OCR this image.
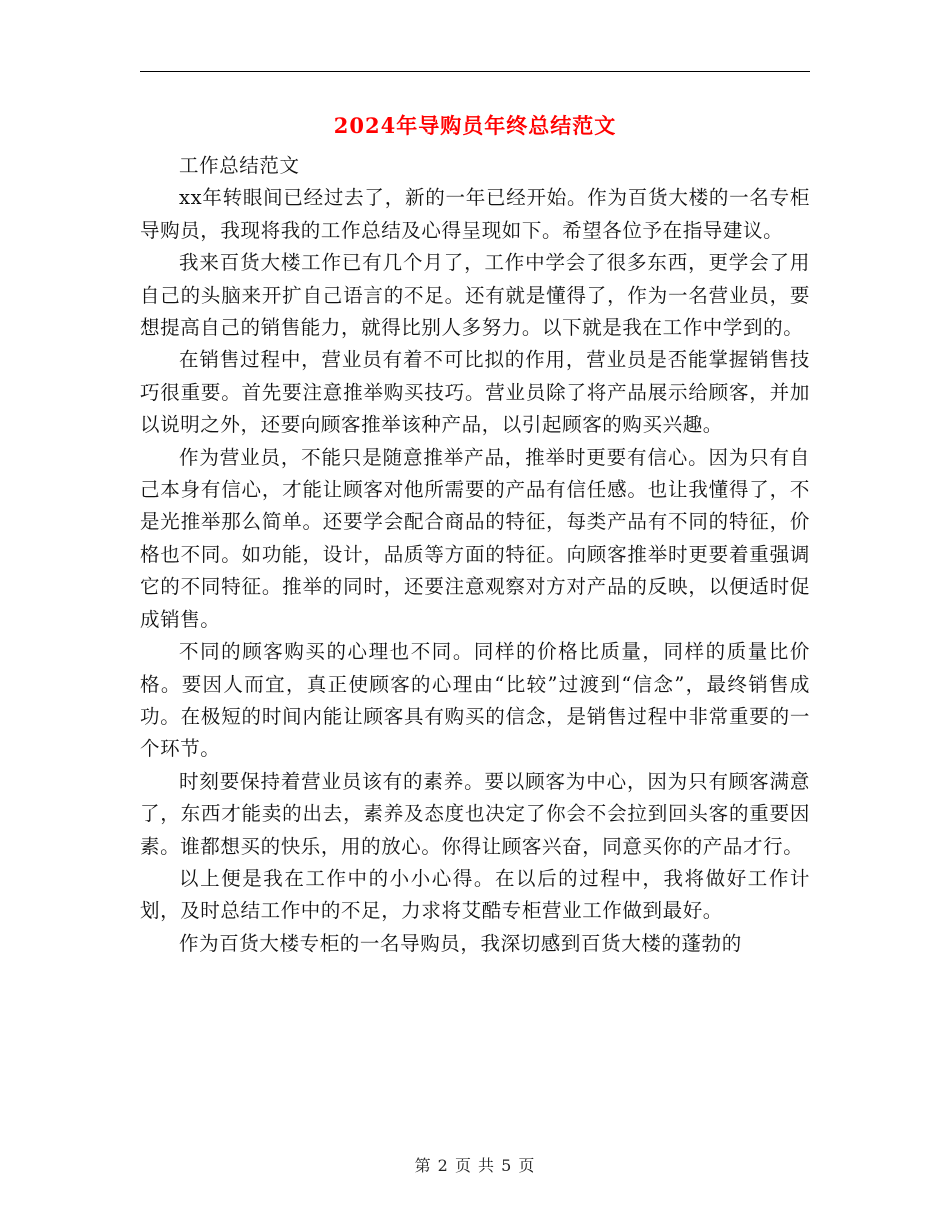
2024年导购员年终总结范文

工作总结范文

xx年转眼间已经过去了，新的一年已经开始。作为百货大楼的一名专柜导购员，我现将我的工作总结及心得呈现如下。希望各位予在指导建议。

我来百货大楼工作已有几个月了，工作中学会了很多东西，更学会了用自己的头脑来开扩自己语言的不足。还有就是懂得了，作为一名营业员，要想提高自己的销售能力，就得比别人多努力。以下就是我在工作中学到的。

在销售过程中，营业员有着不可比拟的作用，营业员是否能掌握销售技巧很重要。首先要注意推举购买技巧。营业员除了将产品展示给顾客，并加以说明之外，还要向顾客推举该种产品，以引起顾客的购买兴趣。

作为营业员，不能只是随意推举产品，推举时更要有信心。因为只有自己本身有信心，才能让顾客对他所需要的产品有信任感。也让我懂得了，不是光推举那么简单。还要学会配合商品的特征，每类产品有不同的特征，价格也不同。如功能，设计，品质等方面的特征。向顾客推举时更要着重强调它的不同特征。推举的同时，还要注意观察对方对产品的反映，以便适时促成销售。

不同的顾客购买的心理也不同。同样的价格比质量，同样的质量比价格。要因人而宜，真正使顾客的心理由“比较”过渡到“信念”，最终销售成功。在极短的时间内能让顾客具有购买的信念，是销售过程中非常重要的一个环节。

时刻要保持着营业员该有的素养。要以顾客为中心，因为只有顾客满意了，东西才能卖的出去，素养及态度也决定了你会不会拉到回头客的重要因素。谁都想买的快乐，用的放心。你得让顾客兴奋，同意买你的产品才行。

以上便是我在工作中的小小心得。在以后的过程中，我将做好工作计划，及时总结工作中的不足，力求将艾酷专柜营业工作做到最好。

作为百货大楼专柜的一名导购员，我深切感到百货大楼的蓬勃的

第 2 页 共 5 页
